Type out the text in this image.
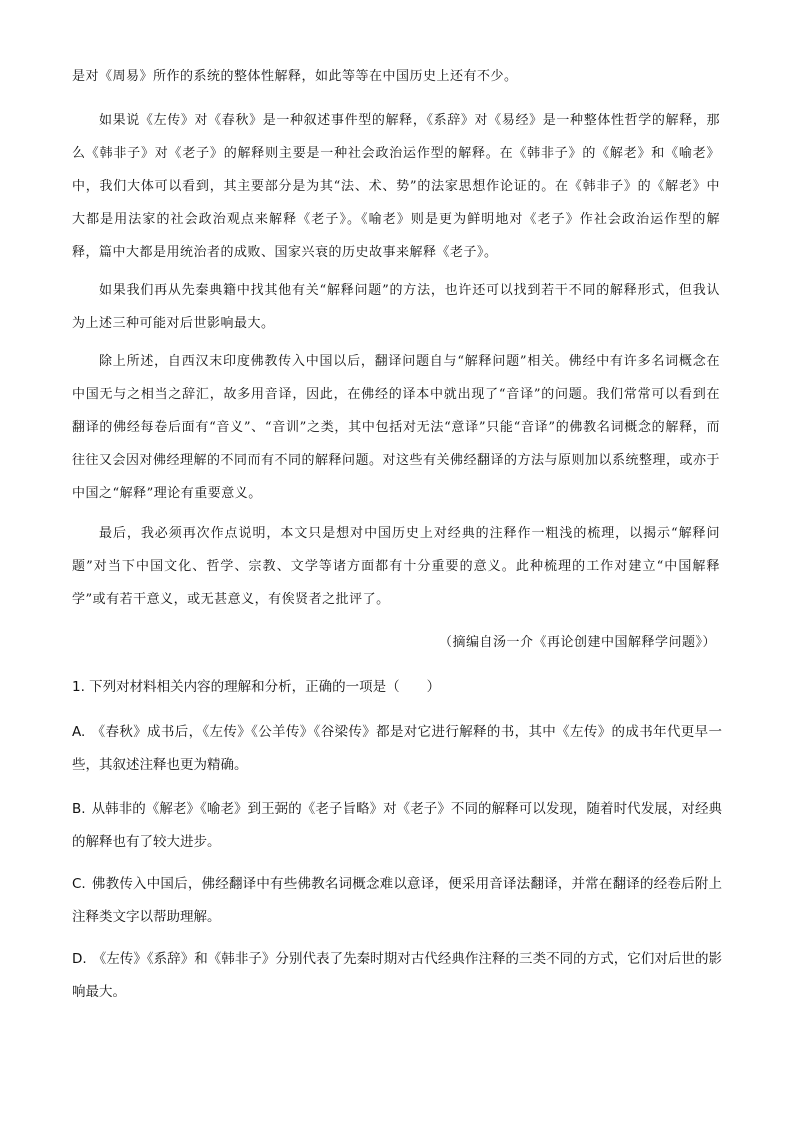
是对《周易》所作的系统的整体性解释，如此等等在中国历史上还有不少。

如果说《左传》对《春秋》是一种叙述事件型的解释，《系辞》对《易经》是一种整体性哲学的解释，那么《韩非子》对《老子》的解释则主要是一种社会政治运作型的解释。在《韩非子》的《解老》和《喻老》中，我们大体可以看到，其主要部分是为其“法、术、势”的法家思想作论证的。在《韩非子》的《解老》中大都是用法家的社会政治观点来解释《老子》。《喻老》则是更为鲜明地对《老子》作社会政治运作型的解释，篇中大都是用统治者的成败、国家兴衰的历史故事来解释《老子》。

如果我们再从先秦典籍中找其他有关“解释问题”的方法，也许还可以找到若干不同的解释形式，但我认为上述三种可能对后世影响最大。

除上所述，自西汉末印度佛教传入中国以后，翻译问题自与“解释问题”相关。佛经中有许多名词概念在中国无与之相当之辞汇，故多用音译，因此，在佛经的译本中就出现了“音译”的问题。我们常常可以看到在翻译的佛经每卷后面有“音义”、“音训”之类，其中包括对无法“意译”只能“音译”的佛教名词概念的解释，而往往又会因对佛经理解的不同而有不同的解释问题。对这些有关佛经翻译的方法与原则加以系统整理，或亦于中国之“解释”理论有重要意义。

最后，我必须再次作点说明，本文只是想对中国历史上对经典的注释作一粗浅的梳理，以揭示“解释问题”对当下中国文化、哲学、宗教、文学等诸方面都有十分重要的意义。此种梳理的工作对建立“中国解释学”或有若干意义，或无甚意义，有俟贤者之批评了。

（摘编自汤一介《再论创建中国解释学问题》）

1. 下列对材料相关内容的理解和分析，正确的一项是（　　）

A. 《春秋》成书后，《左传》《公羊传》《谷梁传》都是对它进行解释的书，其中《左传》的成书年代更早一些，其叙述注释也更为精确。

B. 从韩非的《解老》《喻老》到王弼的《老子旨略》对《老子》不同的解释可以发现，随着时代发展，对经典的解释也有了较大进步。

C. 佛教传入中国后，佛经翻译中有些佛教名词概念难以意译，便采用音译法翻译，并常在翻译的经卷后附上注释类文字以帮助理解。

D. 《左传》《系辞》和《韩非子》分别代表了先秦时期对古代经典作注释的三类不同的方式，它们对后世的影响最大。
